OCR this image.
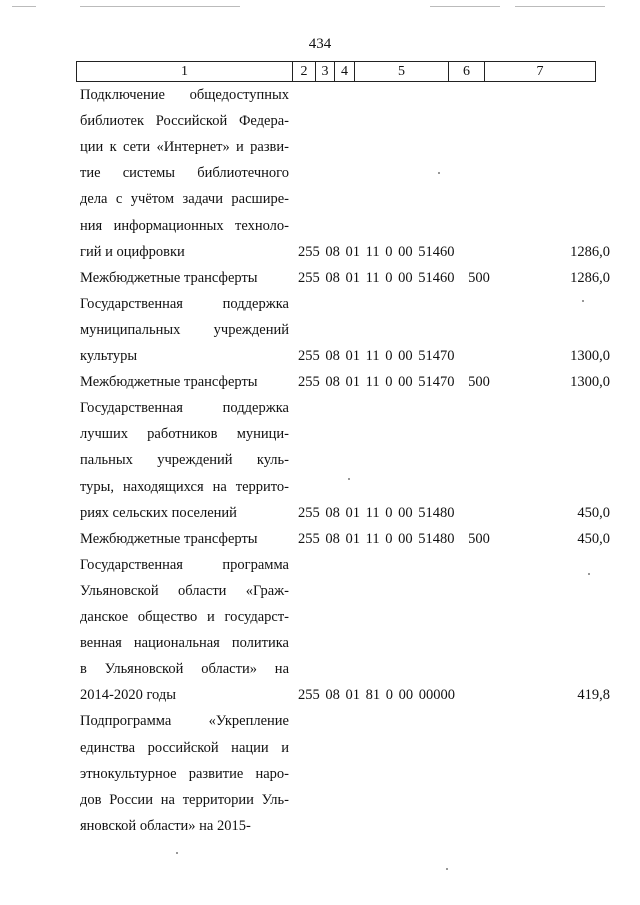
434
1	2	3	4	5	6	7
Подключение общедоступных
библиотек Российской Федера-
ции к сети «Интернет» и разви-
тие системы библиотечного
дела с учётом задачи расшире-
ния информационных техноло-
гий и оцифровки	255 08 01 11 0 00 51460	1286,0
Межбюджетные трансферты	255 08 01 11 0 00 51460 500	1286,0
Государственная поддержка
муниципальных учреждений
культуры	255 08 01 11 0 00 51470	1300,0
Межбюджетные трансферты	255 08 01 11 0 00 51470 500	1300,0
Государственная поддержка
лучших работников муници-
пальных учреждений куль-
туры, находящихся на террито-
риях сельских поселений	255 08 01 11 0 00 51480	450,0
Межбюджетные трансферты	255 08 01 11 0 00 51480 500	450,0
Государственная программа
Ульяновской области «Граж-
данское общество и государст-
венная национальная политика
в Ульяновской области» на
2014-2020 годы	255 08 01 81 0 00 00000	419,8
Подпрограмма «Укрепление
единства российской нации и
этнокультурное развитие наро-
дов России на территории Уль-
яновской области» на 2015-
